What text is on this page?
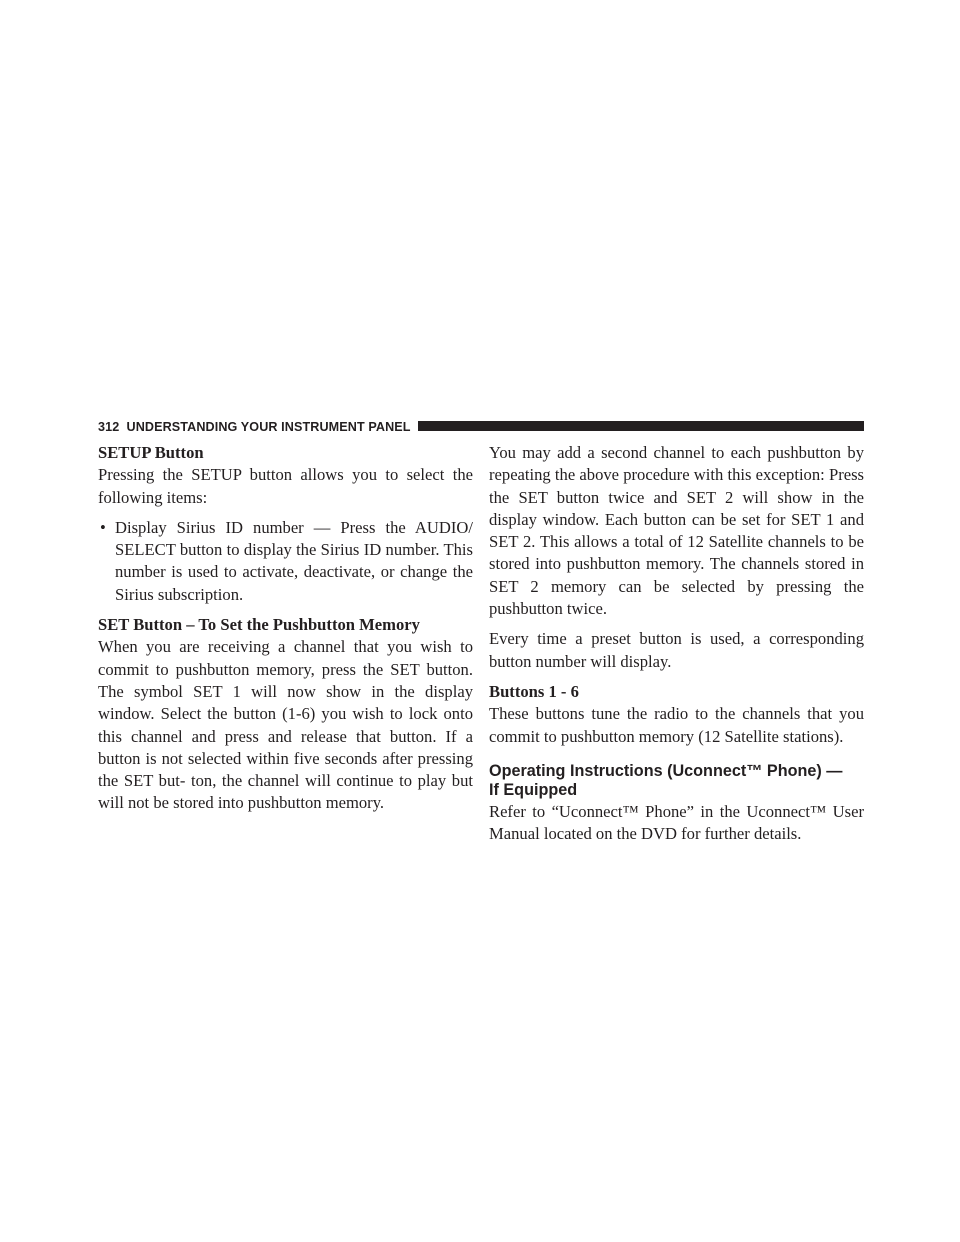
312 UNDERSTANDING YOUR INSTRUMENT PANEL
SETUP Button

Pressing the SETUP button allows you to select the following items:

• Display Sirius ID number — Press the AUDIO/ SELECT button to display the Sirius ID number. This number is used to activate, deactivate, or change the Sirius subscription.
SET Button – To Set the Pushbutton Memory

When you are receiving a channel that you wish to commit to pushbutton memory, press the SET button. The symbol SET 1 will now show in the display window. Select the button (1-6) you wish to lock onto this channel and press and release that button. If a button is not selected within five seconds after pressing the SET but- ton, the channel will continue to play but will not be stored into pushbutton memory.

You may add a second channel to each pushbutton by repeating the above procedure with this exception: Press the SET button twice and SET 2 will show in the display window. Each button can be set for SET 1 and SET 2. This allows a total of 12 Satellite channels to be stored into pushbutton memory. The channels stored in SET 2 memory can be selected by pressing the pushbutton twice.

Every time a preset button is used, a corresponding button number will display.

Buttons 1 - 6

These buttons tune the radio to the channels that you commit to pushbutton memory (12 Satellite stations).

Operating Instructions (Uconnect™ Phone) —
If Equipped

Refer to “Uconnect™ Phone” in the Uconnect™ User Manual located on the DVD for further details.
